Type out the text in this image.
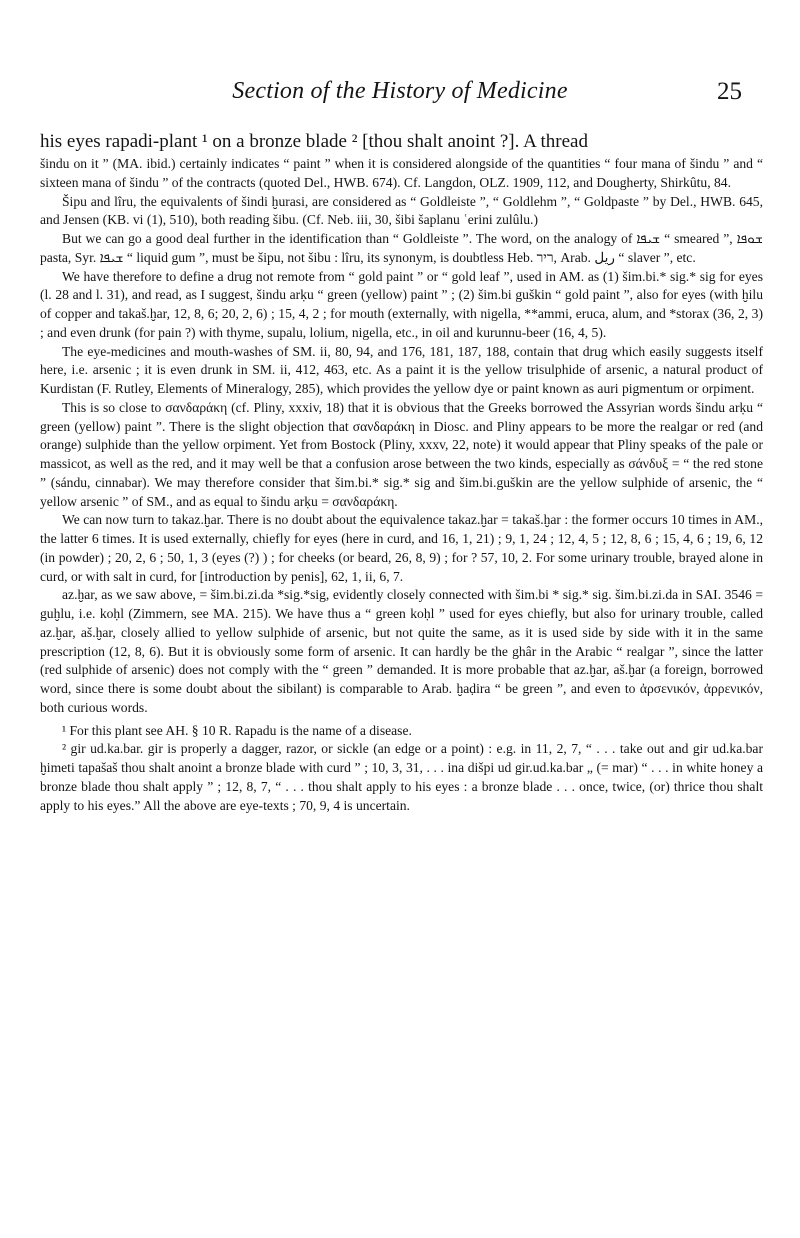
Section of the History of Medicine	25

his eyes rapadi-plant ¹ on a bronze blade ² [thou shalt anoint ?]. A thread

šindu on it ” (MA. ibid.) certainly indicates “ paint ” when it is considered alongside of the quantities “ four mana of šindu ” and “ sixteen mana of šindu ” of the contracts (quoted Del., HWB. 674). Cf. Langdon, OLZ. 1909, 112, and Dougherty, Shirkûtu, 84.

Šipu and lîru, the equivalents of šindi ḫurasi, are considered as “ Goldleiste ”, “ Goldlehm ”, “ Goldpaste ” by Del., HWB. 645, and Jensen (KB. vi (1), 510), both reading šibu. (Cf. Neb. iii, 30, šibi šaplanu ʿerini zulûlu.)

But we can go a good deal further in the identification than “ Goldleiste ”. The word, on the analogy of ܫܝܦܐ “ smeared ”, ܫܘܦܐ pasta, Syr. ܫܝܦܐ “ liquid gum ”, must be šipu, not šibu : lîru, its synonym, is doubtless Heb. ריר, Arab. ريل “ slaver ”, etc.

We have therefore to define a drug not remote from “ gold paint ” or “ gold leaf ”, used in AM. as (1) šim.bi.* sig.* sig for eyes (l. 28 and l. 31), and read, as I suggest, šindu arḳu “ green (yellow) paint ” ; (2) šim.bi guškin “ gold paint ”, also for eyes (with ḫilu of copper and takaš.ḫar, 12, 8, 6; 20, 2, 6) ; 15, 4, 2 ; for mouth (externally, with nigella, **ammi, eruca, alum, and *storax (36, 2, 3) ; and even drunk (for pain ?) with thyme, supalu, lolium, nigella, etc., in oil and kurunnu-beer (16, 4, 5).

The eye-medicines and mouth-washes of SM. ii, 80, 94, and 176, 181, 187, 188, contain that drug which easily suggests itself here, i.e. arsenic ; it is even drunk in SM. ii, 412, 463, etc. As a paint it is the yellow trisulphide of arsenic, a natural product of Kurdistan (F. Rutley, Elements of Mineralogy, 285), which provides the yellow dye or paint known as auri pigmentum or orpiment.

This is so close to σανδαράκη (cf. Pliny, xxxiv, 18) that it is obvious that the Greeks borrowed the Assyrian words šindu arḳu “ green (yellow) paint ”. There is the slight objection that σανδαράκη in Diosc. and Pliny appears to be more the realgar or red (and orange) sulphide than the yellow orpiment. Yet from Bostock (Pliny, xxxv, 22, note) it would appear that Pliny speaks of the pale or massicot, as well as the red, and it may well be that a confusion arose between the two kinds, especially as σάνδυξ = “ the red stone ” (sándu, cinnabar). We may therefore consider that šim.bi.* sig.* sig and šim.bi.guškin are the yellow sulphide of arsenic, the “ yellow arsenic ” of SM., and as equal to šindu arḳu = σανδαράκη.

We can now turn to takaz.ḫar. There is no doubt about the equivalence takaz.ḫar = takaš.ḫar : the former occurs 10 times in AM., the latter 6 times. It is used externally, chiefly for eyes (here in curd, and 16, 1, 21) ; 9, 1, 24 ; 12, 4, 5 ; 12, 8, 6 ; 15, 4, 6 ; 19, 6, 12 (in powder) ; 20, 2, 6 ; 50, 1, 3 (eyes (?) ) ; for cheeks (or beard, 26, 8, 9) ; for ? 57, 10, 2. For some urinary trouble, brayed alone in curd, or with salt in curd, for [introduction by penis], 62, 1, ii, 6, 7.

az.ḫar, as we saw above, = šim.bi.zi.da *sig.*sig, evidently closely connected with šim.bi * sig.* sig. šim.bi.zi.da in SAI. 3546 = guḫlu, i.e. koḥl (Zimmern, see MA. 215). We have thus a “ green koḥl ” used for eyes chiefly, but also for urinary trouble, called az.ḫar, aš.ḫar, closely allied to yellow sulphide of arsenic, but not quite the same, as it is used side by side with it in the same prescription (12, 8, 6). But it is obviously some form of arsenic. It can hardly be the ghâr in the Arabic “ realgar ”, since the latter (red sulphide of arsenic) does not comply with the “ green ” demanded. It is more probable that az.ḫar, aš.ḫar (a foreign, borrowed word, since there is some doubt about the sibilant) is comparable to Arab. ḫaḍira “ be green ”, and even to ἀρσενικόν, ἀρρενικόν, both curious words.

¹ For this plant see AH. § 10 R. Rapadu is the name of a disease.

² gir ud.ka.bar. gir is properly a dagger, razor, or sickle (an edge or a point) : e.g. in 11, 2, 7, “ . . . take out and gir ud.ka.bar ḫimeti tapašaš thou shalt anoint a bronze blade with curd ” ; 10, 3, 31, . . . ina dišpi ud gir.ud.ka.bar „ (= mar) “ . . . in white honey a bronze blade thou shalt apply ” ; 12, 8, 7, “ . . . thou shalt apply to his eyes : a bronze blade . . . once, twice, (or) thrice thou shalt apply to his eyes.” All the above are eye-texts ; 70, 9, 4 is uncertain.
